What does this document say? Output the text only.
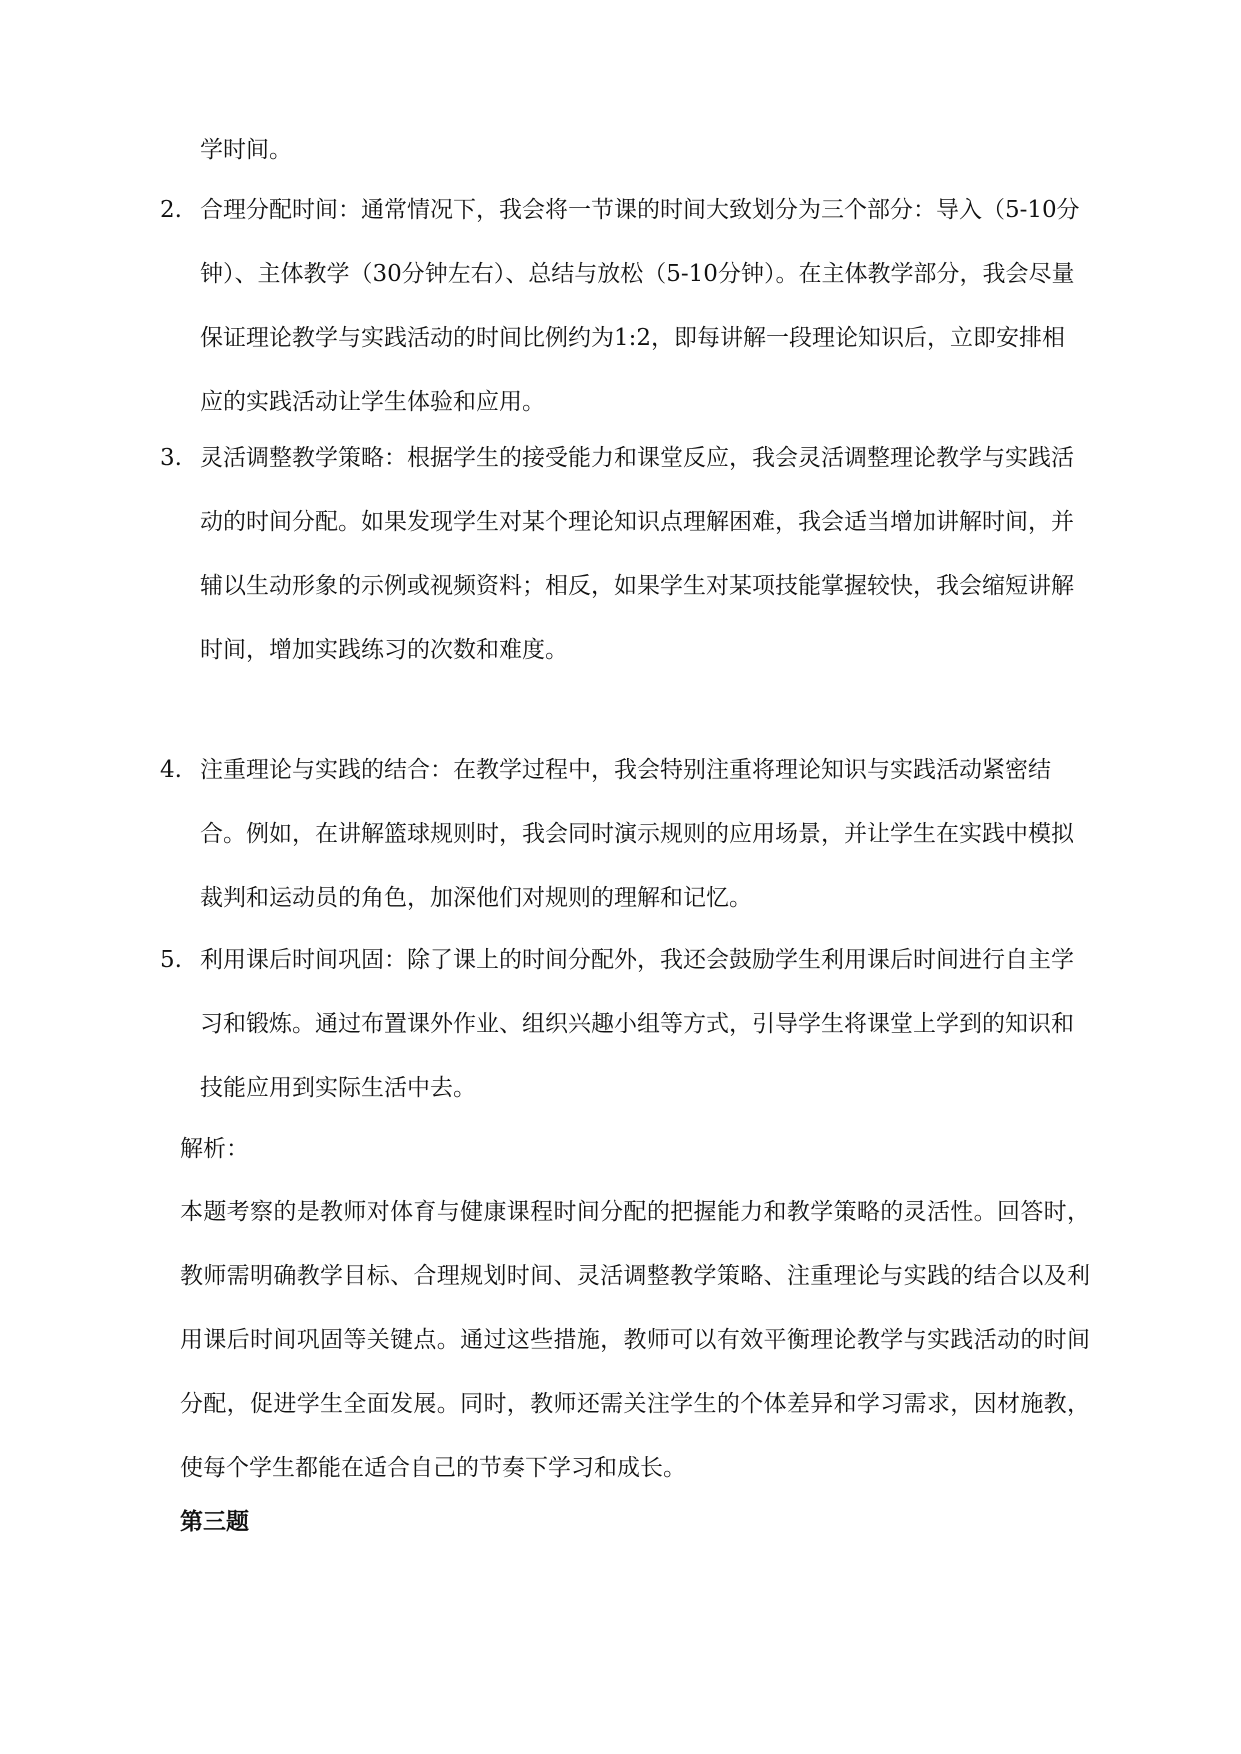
学时间。
2. 合理分配时间：通常情况下，我会将一节课的时间大致划分为三个部分：导入（5-10分钟）、主体教学（30分钟左右）、总结与放松（5-10分钟）。在主体教学部分，我会尽量保证理论教学与实践活动的时间比例约为1:2，即每讲解一段理论知识后，立即安排相应的实践活动让学生体验和应用。
3. 灵活调整教学策略：根据学生的接受能力和课堂反应，我会灵活调整理论教学与实践活动的时间分配。如果发现学生对某个理论知识点理解困难，我会适当增加讲解时间，并辅以生动形象的示例或视频资料；相反，如果学生对某项技能掌握较快，我会缩短讲解时间，增加实践练习的次数和难度。
4. 注重理论与实践的结合：在教学过程中，我会特别注重将理论知识与实践活动紧密结合。例如，在讲解篮球规则时，我会同时演示规则的应用场景，并让学生在实践中模拟裁判和运动员的角色，加深他们对规则的理解和记忆。
5. 利用课后时间巩固：除了课上的时间分配外，我还会鼓励学生利用课后时间进行自主学习和锻炼。通过布置课外作业、组织兴趣小组等方式，引导学生将课堂上学到的知识和技能应用到实际生活中去。
解析：
本题考察的是教师对体育与健康课程时间分配的把握能力和教学策略的灵活性。回答时，教师需明确教学目标、合理规划时间、灵活调整教学策略、注重理论与实践的结合以及利用课后时间巩固等关键点。通过这些措施，教师可以有效平衡理论教学与实践活动的时间分配，促进学生全面发展。同时，教师还需关注学生的个体差异和学习需求，因材施教，使每个学生都能在适合自己的节奏下学习和成长。
第三题
